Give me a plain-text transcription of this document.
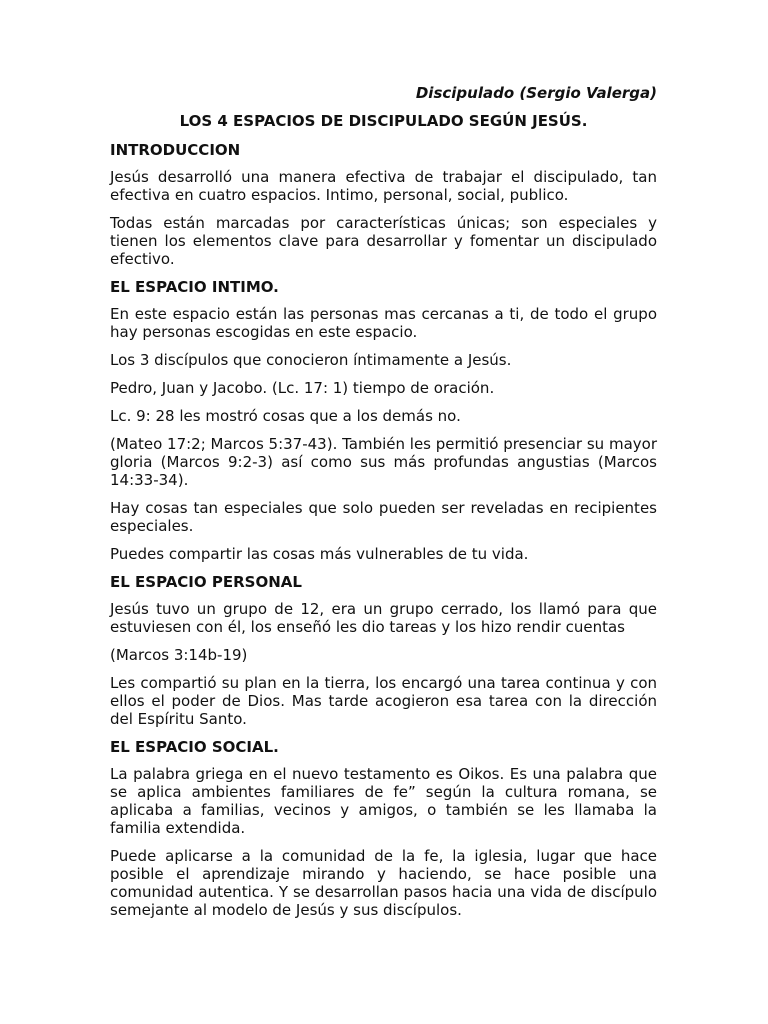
Discipulado (Sergio Valerga)
LOS 4 ESPACIOS DE DISCIPULADO SEGÚN JESÚS.
INTRODUCCION

Jesús desarrolló una manera efectiva de trabajar el discipulado, tan efectiva en cuatro espacios. Intimo, personal, social, publico.

Todas están marcadas por características únicas; son especiales y tienen los elementos clave para desarrollar y fomentar un discipulado efectivo.

EL ESPACIO INTIMO.

En este espacio están las personas mas cercanas a ti, de todo el grupo hay personas escogidas en este espacio.

Los 3 discípulos que conocieron íntimamente a Jesús.

Pedro, Juan y Jacobo. (Lc. 17: 1) tiempo de oración.

Lc. 9: 28 les mostró cosas que a los demás no.

(Mateo 17:2; Marcos 5:37-43). También les permitió presenciar su mayor gloria (Marcos 9:2-3) así como sus más profundas angustias (Marcos 14:33-34).

Hay cosas tan especiales que solo pueden ser reveladas en recipientes especiales.

Puedes compartir las cosas más vulnerables de tu vida.

EL ESPACIO PERSONAL

Jesús tuvo un grupo de 12, era un grupo cerrado, los llamó para que estuviesen con él, los enseñó les dio tareas y los hizo rendir cuentas

(Marcos 3:14b-19)

Les compartió su plan en la tierra, los encargó una tarea continua y con ellos el poder de Dios. Mas tarde acogieron esa tarea con la dirección del Espíritu Santo.

EL ESPACIO SOCIAL.

La palabra griega en el nuevo testamento es Oikos. Es una palabra que se aplica ambientes familiares de fe” según la cultura romana, se aplicaba a familias, vecinos y amigos, o también se les llamaba la familia extendida.

Puede aplicarse a la comunidad de la fe, la iglesia, lugar que hace posible el aprendizaje mirando y haciendo, se hace posible una comunidad autentica. Y se desarrollan pasos hacia una vida de discípulo semejante al modelo de Jesús y sus discípulos.
